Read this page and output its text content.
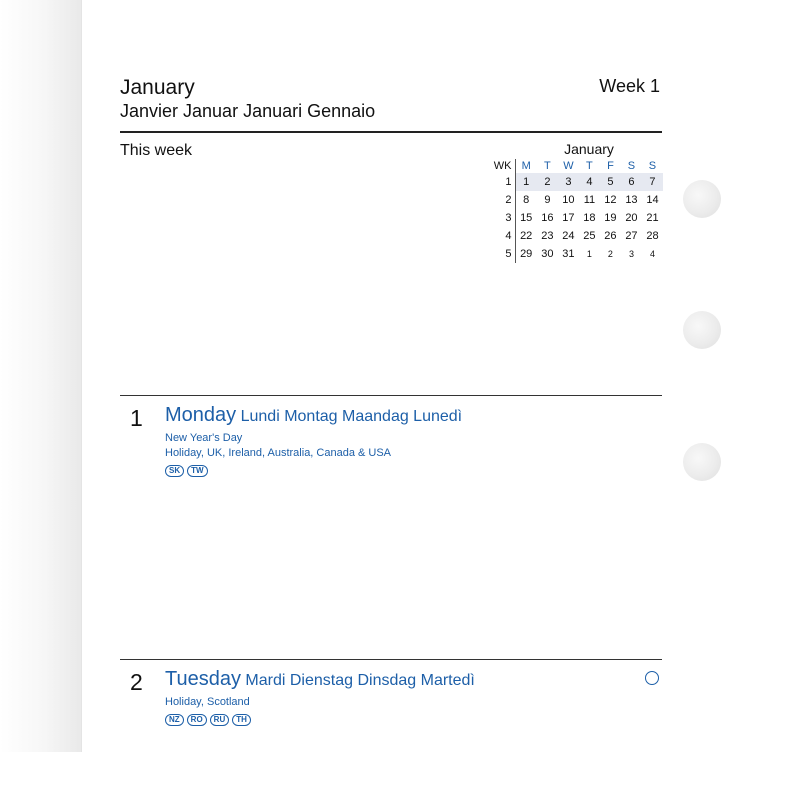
January
Janvier Januar Januari Gennaio
Week 1
This week	January
WK	M	T	W	T	F	S	S
1	1	2	3	4	5	6	7
2	8	9	10	11	12	13	14
3	15	16	17	18	19	20	21
4	22	23	24	25	26	27	28
5	29	30	31	1	2	3	4
1 Monday Lundi Montag Maandag Lunedì
New Year's Day
Holiday, UK, Ireland, Australia, Canada & USA
SK	TW
2 Tuesday Mardi Dienstag Dinsdag Martedì
Holiday, Scotland
NZ	RO	RU	TH
